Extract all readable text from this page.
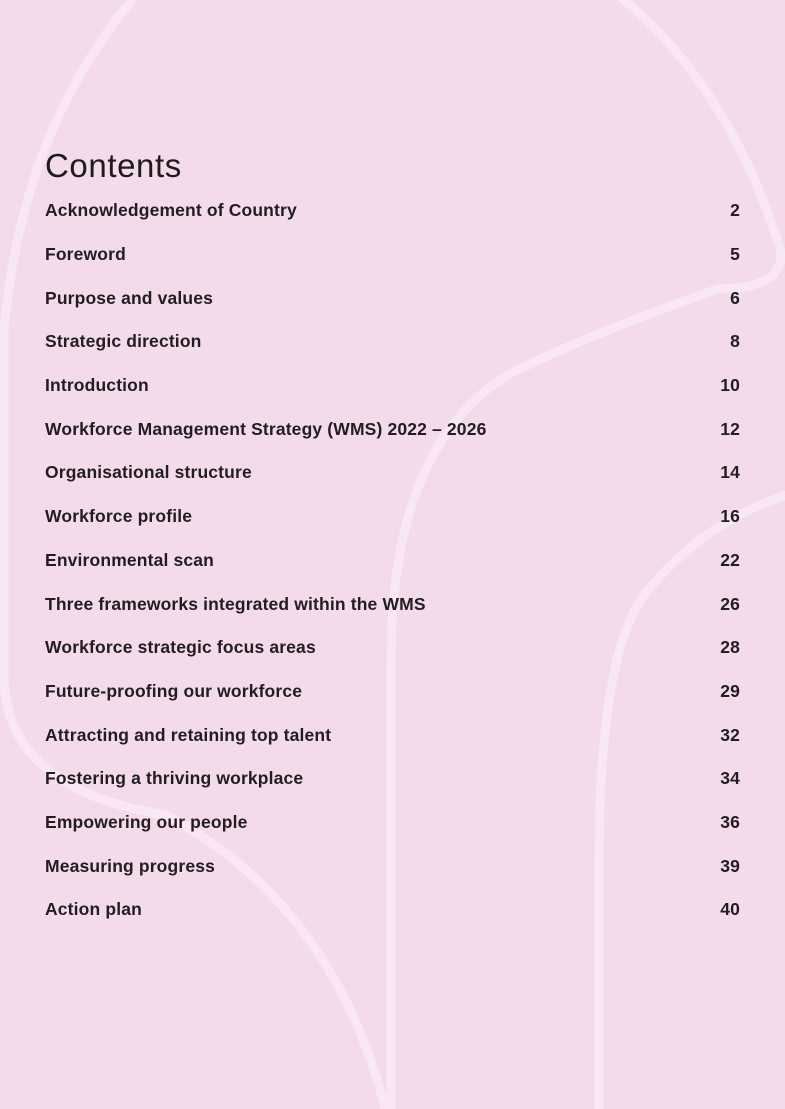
Contents
Acknowledgement of Country	2
Foreword	5
Purpose and values	6
Strategic direction	8
Introduction	10
Workforce Management Strategy (WMS) 2022 – 2026	12
Organisational structure	14
Workforce profile	16
Environmental scan	22
Three frameworks integrated within the WMS	26
Workforce strategic focus areas	28
Future-proofing our workforce	29
Attracting and retaining top talent	32
Fostering a thriving workplace	34
Empowering our people	36
Measuring progress	39
Action plan	40
